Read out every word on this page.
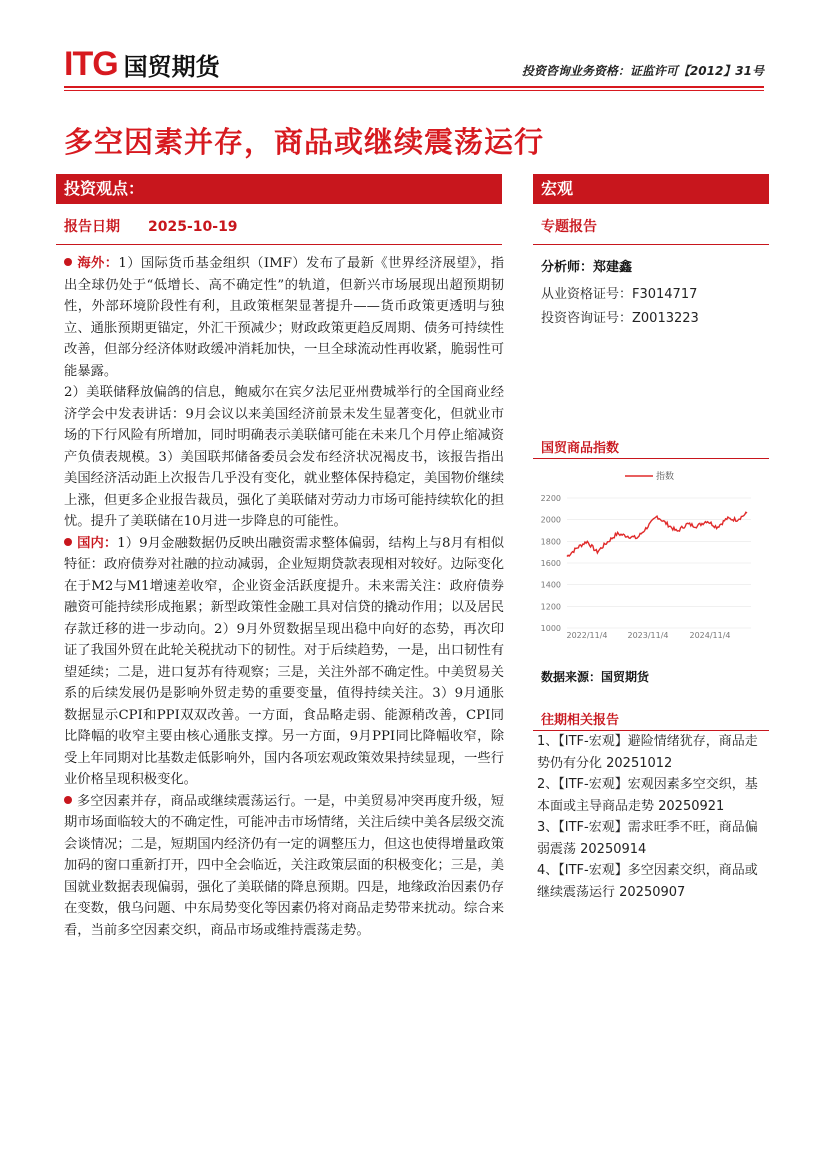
ITG 国贸期货	投资咨询业务资格：证监许可【2012】31号
多空因素并存，商品或继续震荡运行
投资观点：	宏观
报告日期 2025-10-19

海外：1）国际货币基金组织（IMF）发布了最新《世界经济展望》，指出全球仍处于“低增长、高不确定性”的轨道，但新兴市场展现出超预期韧性，外部环境阶段性有利，且政策框架显著提升——货币政策更透明与独立、通胀预期更锚定，外汇干预减少；财政政策更趋反周期、债务可持续性改善，但部分经济体财政缓冲消耗加快，一旦全球流动性再收紧，脆弱性可能暴露。

2）美联储释放偏鸽的信息，鲍威尔在宾夕法尼亚州费城举行的全国商业经济学会中发表讲话：9月会议以来美国经济前景未发生显著变化，但就业市场的下行风险有所增加，同时明确表示美联储可能在未来几个月停止缩减资产负债表规模。3）美国联邦储备委员会发布经济状况褐皮书，该报告指出美国经济活动距上次报告几乎没有变化，就业整体保持稳定，美国物价继续上涨，但更多企业报告裁员，强化了美联储对劳动力市场可能持续软化的担忧。提升了美联储在10月进一步降息的可能性。

国内：1）9月金融数据仍反映出融资需求整体偏弱，结构上与8月有相似特征：政府债券对社融的拉动减弱，企业短期贷款表现相对较好。边际变化在于M2与M1增速差收窄，企业资金活跃度提升。未来需关注：政府债券融资可能持续形成拖累；新型政策性金融工具对信贷的撬动作用；以及居民存款迁移的进一步动向。2）9月外贸数据呈现出稳中向好的态势，再次印证了我国外贸在此轮关税扰动下的韧性。对于后续趋势，一是，出口韧性有望延续；二是，进口复苏有待观察；三是，关注外部不确定性。中美贸易关系的后续发展仍是影响外贸走势的重要变量，值得持续关注。3）9月通胀数据显示CPI和PPI双双改善。一方面，食品略走弱、能源稍改善，CPI同比降幅的收窄主要由核心通胀支撑。另一方面，9月PPI同比降幅收窄，除受上年同期对比基数走低影响外，国内各项宏观政策效果持续显现，一些行业价格呈现积极变化。

多空因素并存，商品或继续震荡运行。一是，中美贸易冲突再度升级，短期市场面临较大的不确定性，可能冲击市场情绪，关注后续中美各层级交流会谈情况；二是，短期国内经济仍有一定的调整压力，但这也使得增量政策加码的窗口重新打开，四中全会临近，关注政策层面的积极变化；三是，美国就业数据表现偏弱，强化了美联储的降息预期。四是，地缘政治因素仍存在变数，俄乌问题、中东局势变化等因素仍将对商品走势带来扰动。综合来看，当前多空因素交织，商品市场或维持震荡走势。

专题报告
分析师：郑建鑫
从业资格证号：F3014717
投资咨询证号：Z0013223
国贸商品指数
2200
2000
1800
1600
1400
1200
1000
2022/11/4 2023/11/4	2024/11/4
指数
数据来源：国贸期货
往期相关报告

1、【ITF-宏观】避险情绪犹存，商品走势仍有分化 20251012

2、【ITF-宏观】宏观因素多空交织，基本面或主导商品走势 20250921

3、【ITF-宏观】需求旺季不旺，商品偏弱震荡 20250914

4、【ITF-宏观】多空因素交织，商品或继续震荡运行 20250907
